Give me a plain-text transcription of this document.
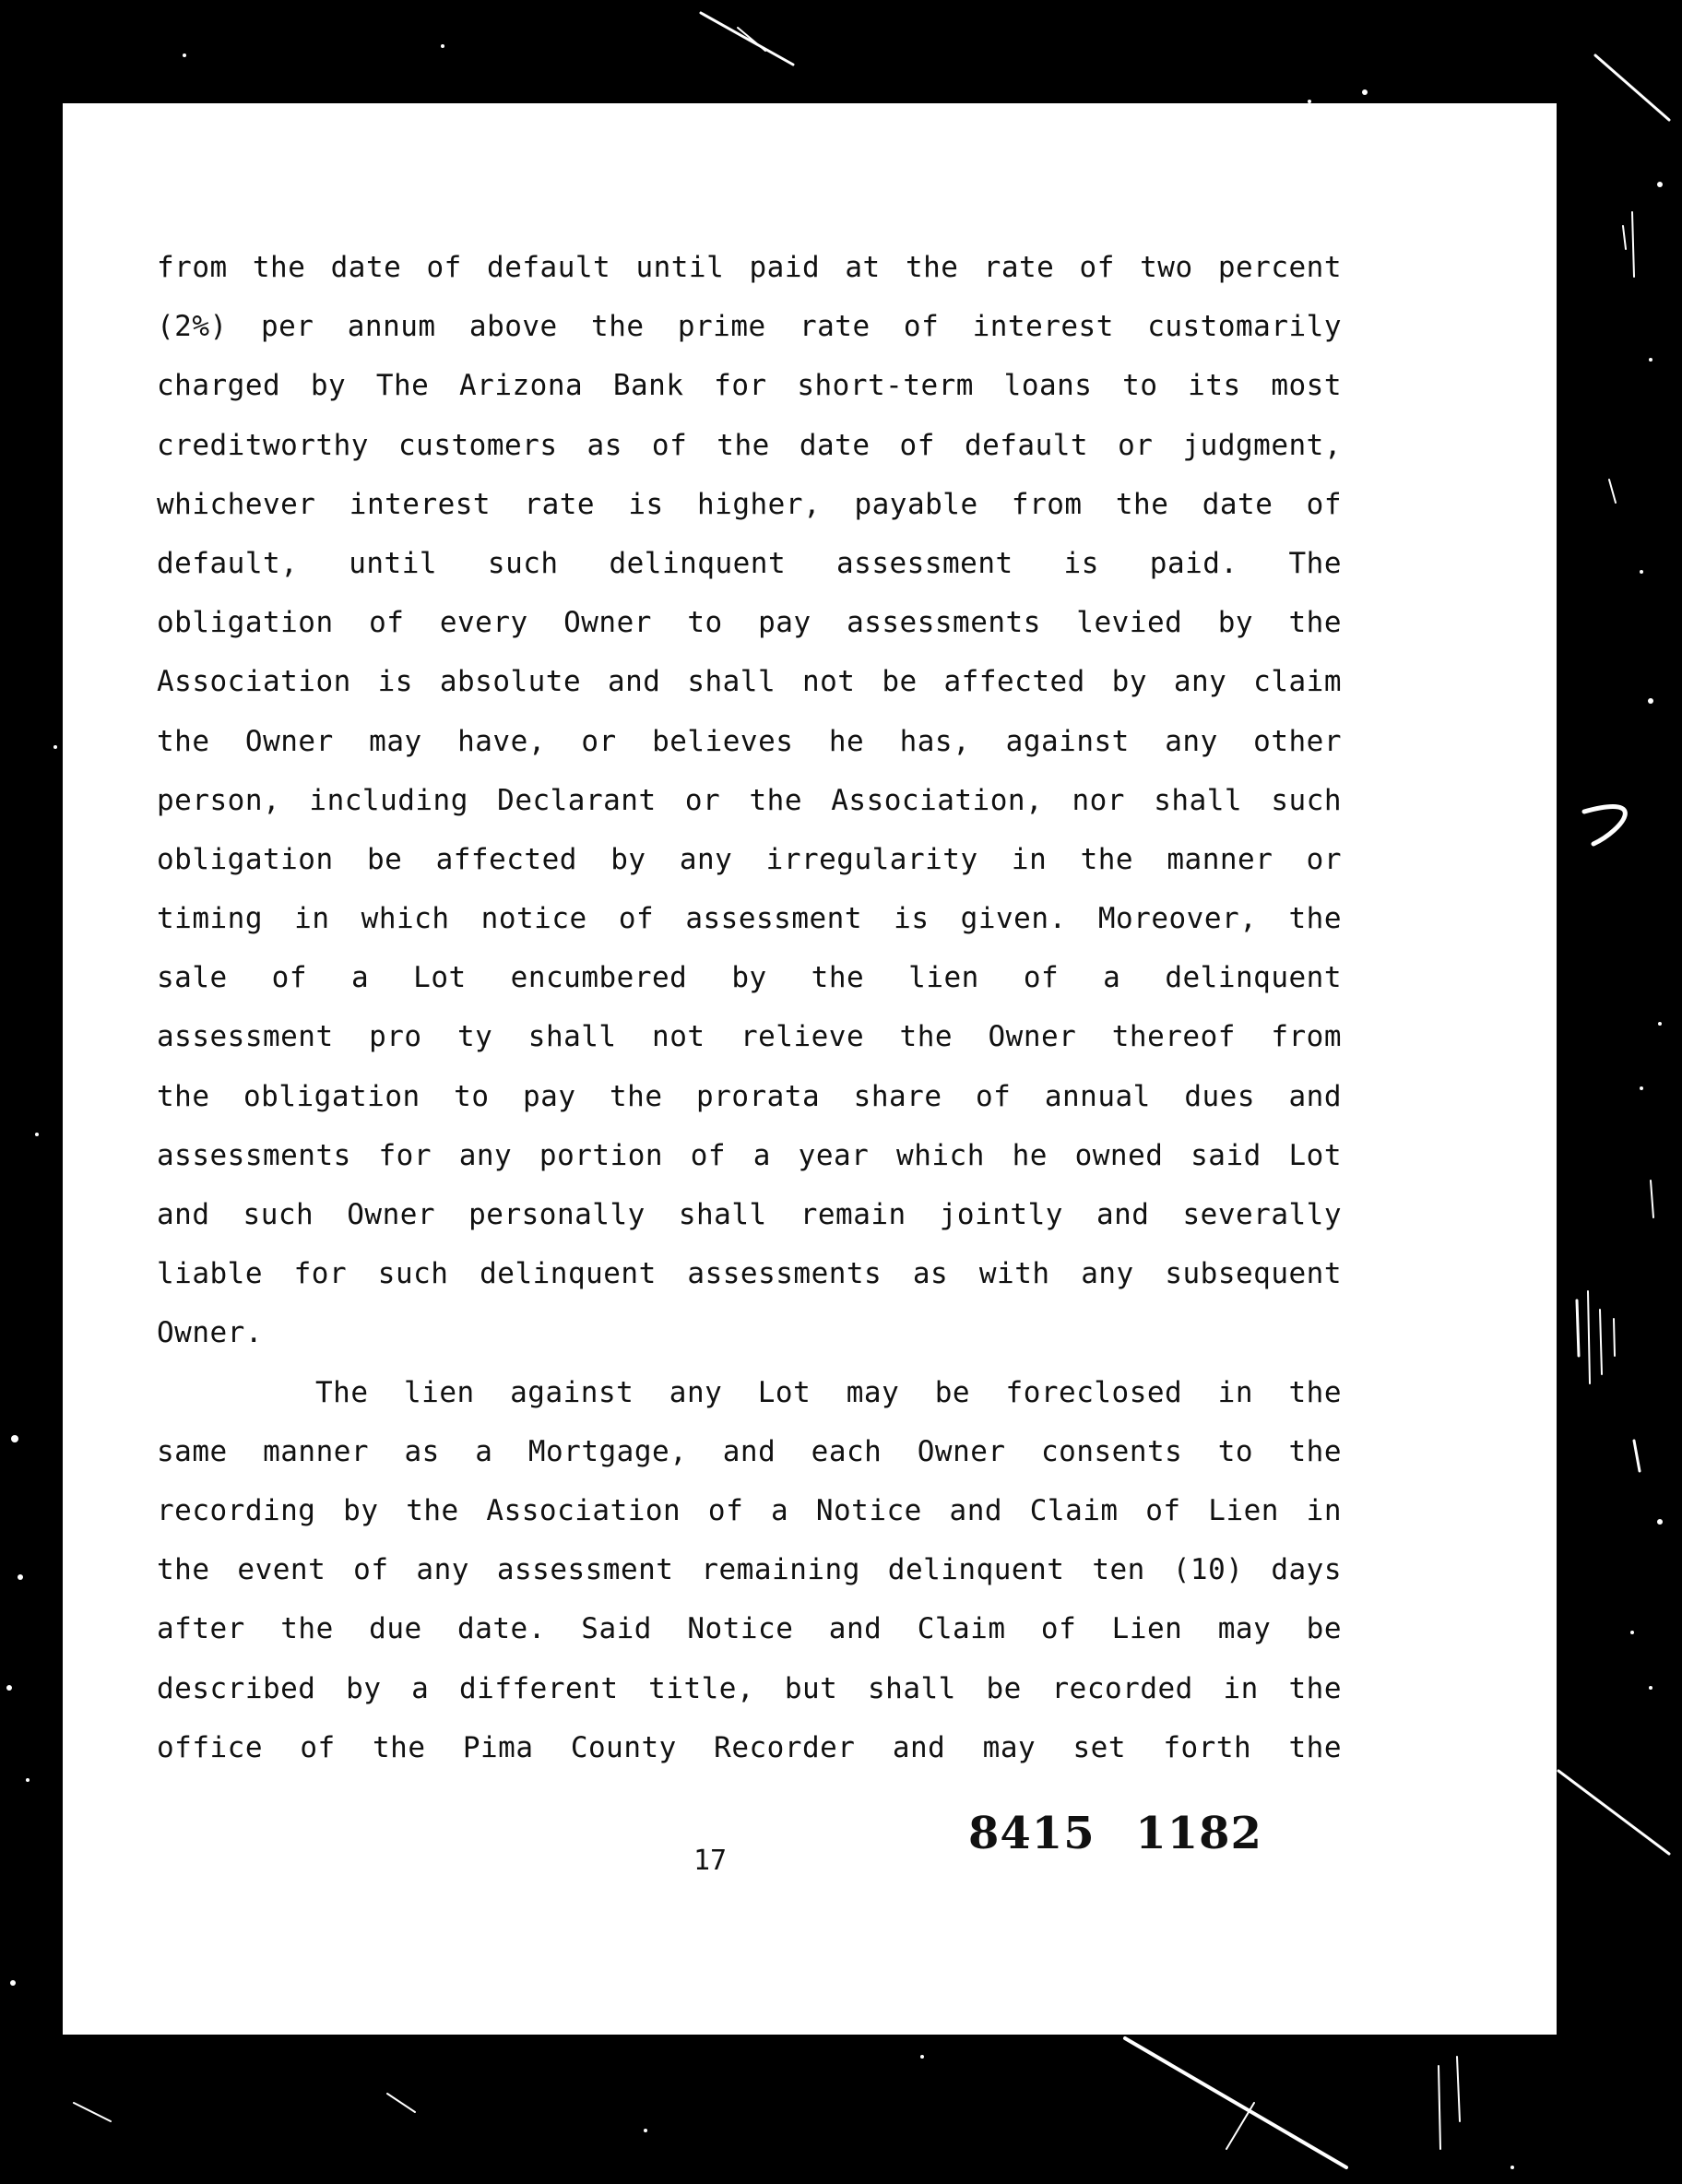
’ . •’
from the date of default until paid at the rate of two percent
(2%) per annum above the prime rate of interest customarily
charged by The Arizona Bank for short-term loans to its most
creditworthy customers as of the date of default or judgment,
whichever interest rate is higher, payable from the date of
default, until such delinquent assessment is paid. The
obligation of every Owner to pay assessments levied by the
Association is absolute and shall not be affected by any claim
the Owner may have, or believes he has, against any other
person, including Declarant or the Association, nor shall such
obligation be affected by any irregularity in the manner or
timing in which notice of assessment is given. Moreover, the
sale of a Lot encumbered by the lien of a delinquent
assessment pro ty shall not relieve the Owner thereof from
the obligation to pay the prorata share of annual dues and
assessments for any portion of a year which he owned said Lot
and such Owner personally shall remain jointly and severally
liable for such delinquent assessments as with any subsequent
Owner.
The lien against any Lot may be foreclosed in the
same manner as a Mortgage, and each Owner consents to the
recording by the Association of a Notice and Claim of Lien in
the event of any assessment remaining delinquent ten (10) days
after the due date. Said Notice and Claim of Lien may be
described by a different title, but shall be recorded in the
office of the Pima County Recorder and may set forth the
8415 1182
17
